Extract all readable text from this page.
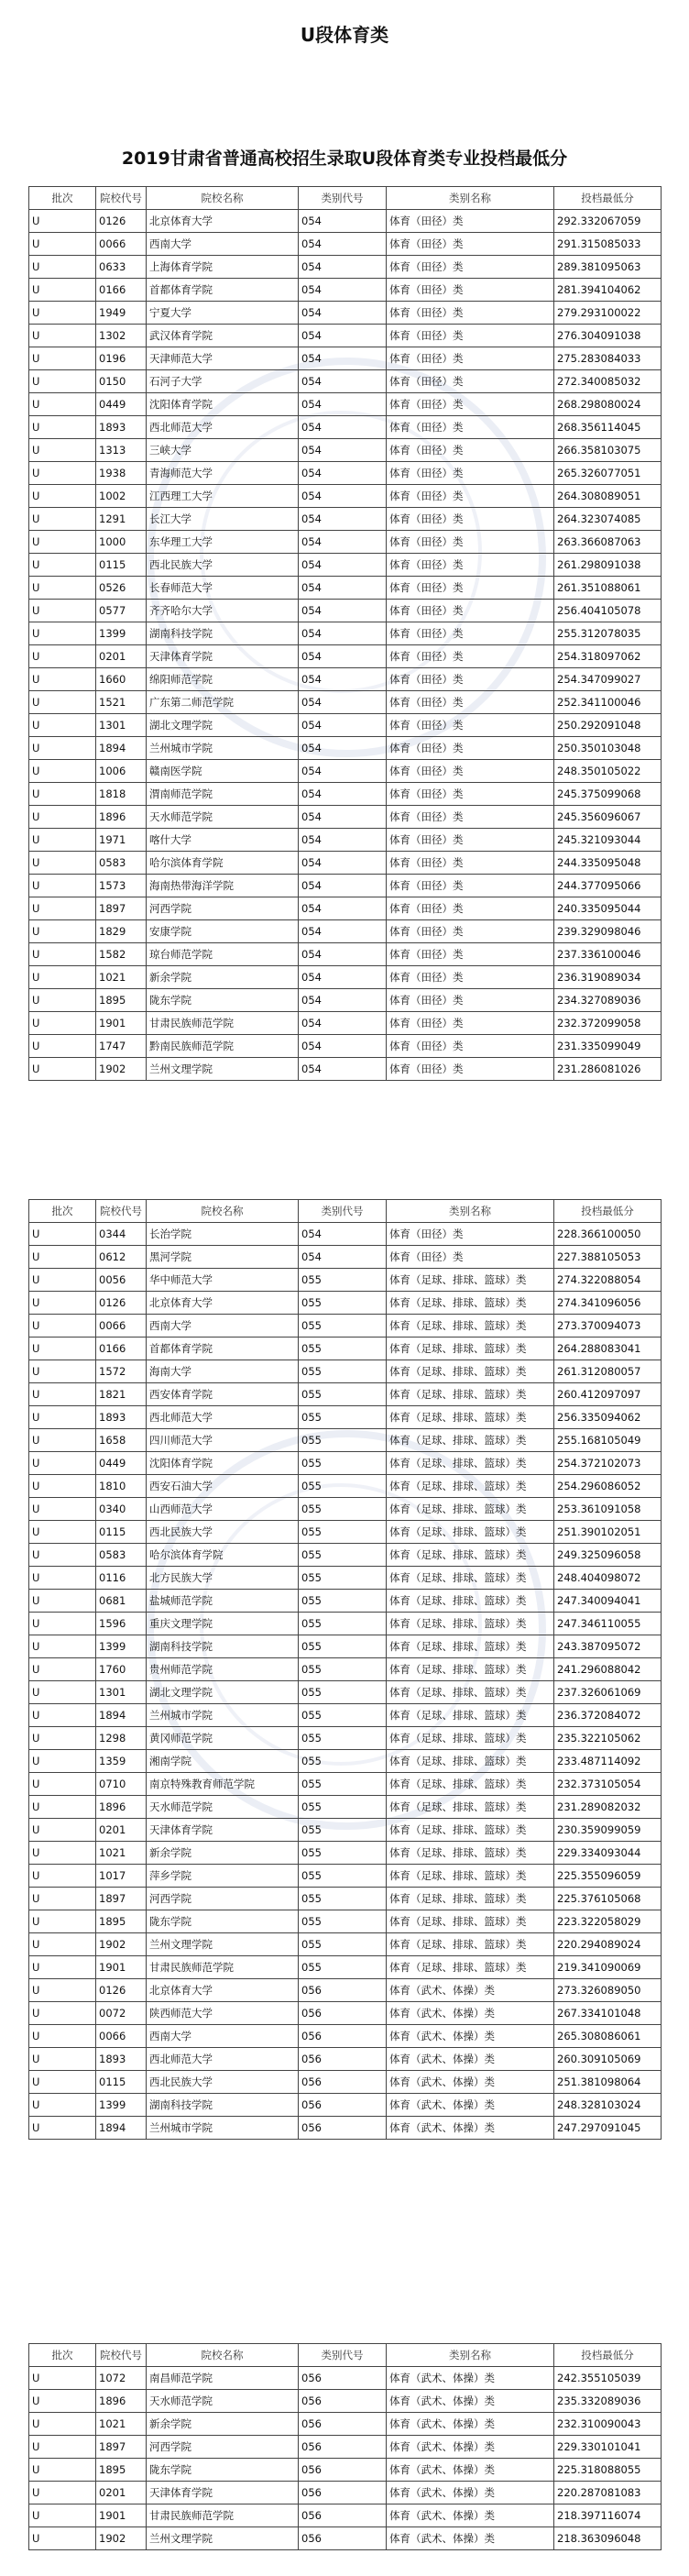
U段体育类
2019甘肃省普通高校招生录取U段体育类专业投档最低分
批次	院校代号	院校名称	类别代号	类别名称	投档最低分
U	0126	北京体育大学	054	体育（田径）类	292.332067059
U	0066	西南大学	054	体育（田径）类	291.315085033
U	0633	上海体育学院	054	体育（田径）类	289.381095063
U	0166	首都体育学院	054	体育（田径）类	281.394104062
U	1949	宁夏大学	054	体育（田径）类	279.293100022
U	1302	武汉体育学院	054	体育（田径）类	276.304091038
U	0196	天津师范大学	054	体育（田径）类	275.283084033
U	0150	石河子大学	054	体育（田径）类	272.340085032
U	0449	沈阳体育学院	054	体育（田径）类	268.298080024
U	1893	西北师范大学	054	体育（田径）类	268.356114045
U	1313	三峡大学	054	体育（田径）类	266.358103075
U	1938	青海师范大学	054	体育（田径）类	265.326077051
U	1002	江西理工大学	054	体育（田径）类	264.308089051
U	1291	长江大学	054	体育（田径）类	264.323074085
U	1000	东华理工大学	054	体育（田径）类	263.366087063
U	0115	西北民族大学	054	体育（田径）类	261.298091038
U	0526	长春师范大学	054	体育（田径）类	261.351088061
U	0577	齐齐哈尔大学	054	体育（田径）类	256.404105078
U	1399	湖南科技学院	054	体育（田径）类	255.312078035
U	0201	天津体育学院	054	体育（田径）类	254.318097062
U	1660	绵阳师范学院	054	体育（田径）类	254.347099027
U	1521	广东第二师范学院	054	体育（田径）类	252.341100046
U	1301	湖北文理学院	054	体育（田径）类	250.292091048
U	1894	兰州城市学院	054	体育（田径）类	250.350103048
U	1006	赣南医学院	054	体育（田径）类	248.350105022
U	1818	渭南师范学院	054	体育（田径）类	245.375099068
U	1896	天水师范学院	054	体育（田径）类	245.356096067
U	1971	喀什大学	054	体育（田径）类	245.321093044
U	0583	哈尔滨体育学院	054	体育（田径）类	244.335095048
U	1573	海南热带海洋学院	054	体育（田径）类	244.377095066
U	1897	河西学院	054	体育（田径）类	240.335095044
U	1829	安康学院	054	体育（田径）类	239.329098046
U	1582	琼台师范学院	054	体育（田径）类	237.336100046
U	1021	新余学院	054	体育（田径）类	236.319089034
U	1895	陇东学院	054	体育（田径）类	234.327089036
U	1901	甘肃民族师范学院	054	体育（田径）类	232.372099058
U	1747	黔南民族师范学院	054	体育（田径）类	231.335099049
U	1902	兰州文理学院	054	体育（田径）类	231.286081026
批次	院校代号	院校名称	类别代号	类别名称	投档最低分
U	0344	长治学院	054	体育（田径）类	228.366100050
U	0612	黑河学院	054	体育（田径）类	227.388105053
U	0056	华中师范大学	055	体育（足球、排球、篮球）类	274.322088054
U	0126	北京体育大学	055	体育（足球、排球、篮球）类	274.341096056
U	0066	西南大学	055	体育（足球、排球、篮球）类	273.370094073
U	0166	首都体育学院	055	体育（足球、排球、篮球）类	264.288083041
U	1572	海南大学	055	体育（足球、排球、篮球）类	261.312080057
U	1821	西安体育学院	055	体育（足球、排球、篮球）类	260.412097097
U	1893	西北师范大学	055	体育（足球、排球、篮球）类	256.335094062
U	1658	四川师范大学	055	体育（足球、排球、篮球）类	255.168105049
U	0449	沈阳体育学院	055	体育（足球、排球、篮球）类	254.372102073
U	1810	西安石油大学	055	体育（足球、排球、篮球）类	254.296086052
U	0340	山西师范大学	055	体育（足球、排球、篮球）类	253.361091058
U	0115	西北民族大学	055	体育（足球、排球、篮球）类	251.390102051
U	0583	哈尔滨体育学院	055	体育（足球、排球、篮球）类	249.325096058
U	0116	北方民族大学	055	体育（足球、排球、篮球）类	248.404098072
U	0681	盐城师范学院	055	体育（足球、排球、篮球）类	247.340094041
U	1596	重庆文理学院	055	体育（足球、排球、篮球）类	247.346110055
U	1399	湖南科技学院	055	体育（足球、排球、篮球）类	243.387095072
U	1760	贵州师范学院	055	体育（足球、排球、篮球）类	241.296088042
U	1301	湖北文理学院	055	体育（足球、排球、篮球）类	237.326061069
U	1894	兰州城市学院	055	体育（足球、排球、篮球）类	236.372084072
U	1298	黄冈师范学院	055	体育（足球、排球、篮球）类	235.322105062
U	1359	湘南学院	055	体育（足球、排球、篮球）类	233.487114092
U	0710	南京特殊教育师范学院	055	体育（足球、排球、篮球）类	232.373105054
U	1896	天水师范学院	055	体育（足球、排球、篮球）类	231.289082032
U	0201	天津体育学院	055	体育（足球、排球、篮球）类	230.359099059
U	1021	新余学院	055	体育（足球、排球、篮球）类	229.334093044
U	1017	萍乡学院	055	体育（足球、排球、篮球）类	225.355096059
U	1897	河西学院	055	体育（足球、排球、篮球）类	225.376105068
U	1895	陇东学院	055	体育（足球、排球、篮球）类	223.322058029
U	1902	兰州文理学院	055	体育（足球、排球、篮球）类	220.294089024
U	1901	甘肃民族师范学院	055	体育（足球、排球、篮球）类	219.341090069
U	0126	北京体育大学	056	体育（武术、体操）类	273.326089050
U	0072	陕西师范大学	056	体育（武术、体操）类	267.334101048
U	0066	西南大学	056	体育（武术、体操）类	265.308086061
U	1893	西北师范大学	056	体育（武术、体操）类	260.309105069
U	0115	西北民族大学	056	体育（武术、体操）类	251.381098064
U	1399	湖南科技学院	056	体育（武术、体操）类	248.328103024
U	1894	兰州城市学院	056	体育（武术、体操）类	247.297091045
批次	院校代号	院校名称	类别代号	类别名称	投档最低分
U	1072	南昌师范学院	056	体育（武术、体操）类	242.355105039
U	1896	天水师范学院	056	体育（武术、体操）类	235.332089036
U	1021	新余学院	056	体育（武术、体操）类	232.310090043
U	1897	河西学院	056	体育（武术、体操）类	229.330101041
U	1895	陇东学院	056	体育（武术、体操）类	225.318088055
U	0201	天津体育学院	056	体育（武术、体操）类	220.287081083
U	1901	甘肃民族师范学院	056	体育（武术、体操）类	218.397116074
U	1902	兰州文理学院	056	体育（武术、体操）类	218.363096048
